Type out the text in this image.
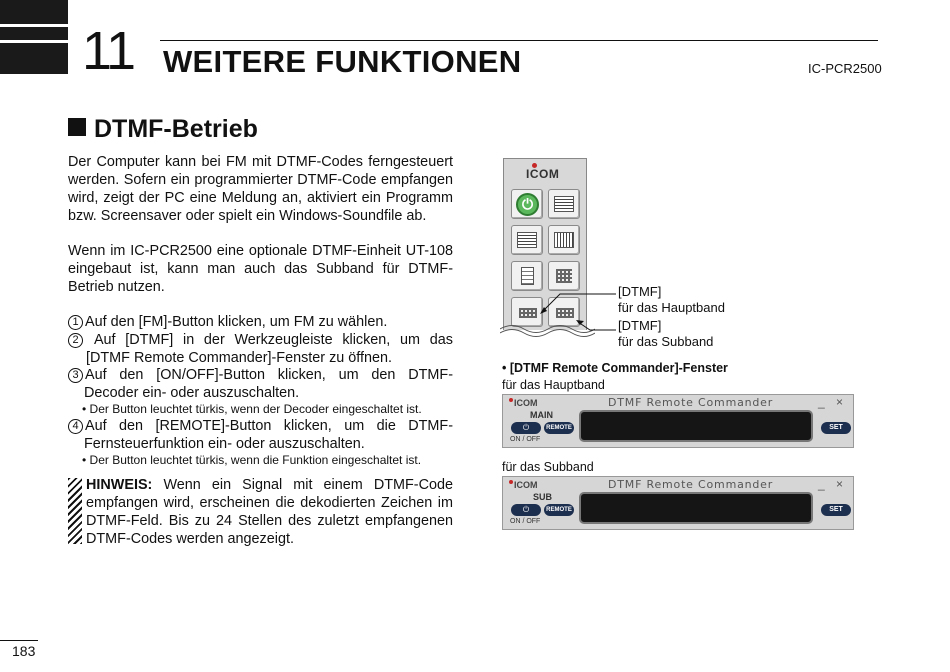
11 WEITERE FUNKTIONEN	IC-PCR2500
DTMF-Betrieb
Der Computer kann bei FM mit DTMF-Codes ferngesteuert werden. Sofern ein programmierter DTMF-Code empfangen wird, zeigt der PC eine Meldung an, aktiviert ein Programm bzw. Screensaver oder spielt ein Windows-Soundfile ab.
Wenn im IC-PCR2500 eine optionale DTMF-Einheit UT-108 eingebaut ist, kann man auch das Subband für DTMF-Betrieb nutzen.
1 Auf den [FM]-Button klicken, um FM zu wählen.
2 Auf [DTMF] in der Werkzeugleiste klicken, um das [DTMF Remote Commander]-Fenster zu öffnen.
3 Auf den [ON/OFF]-Button klicken, um den DTMF-Decoder ein- oder auszuschalten.
• Der Button leuchtet türkis, wenn der Decoder eingeschaltet ist.
4 Auf den [REMOTE]-Button klicken, um die DTMF-Fernsteuerfunktion ein- oder auszuschalten.
• Der Button leuchtet türkis, wenn die Funktion eingeschaltet ist.
HINWEIS: Wenn ein Signal mit einem DTMF-Code empfangen wird, erscheinen die dekodierten Zeichen im DTMF-Feld. Bis zu 24 Stellen des zuletzt empfangenen DTMF-Codes werden angezeigt.
ICOM
⏻
[DTMF]
für das Hauptband
[DTMF]
für das Subband
• [DTMF Remote Commander]-Fenster
für das Hauptband
für das Subband
ICOM	DTMF Remote Commander	_ ×
MAIN
⏻
ON / OFF
REMOTE	SET
ICOM	DTMF Remote Commander	_ ×
SUB
⏻
ON / OFF
REMOTE	SET
183
